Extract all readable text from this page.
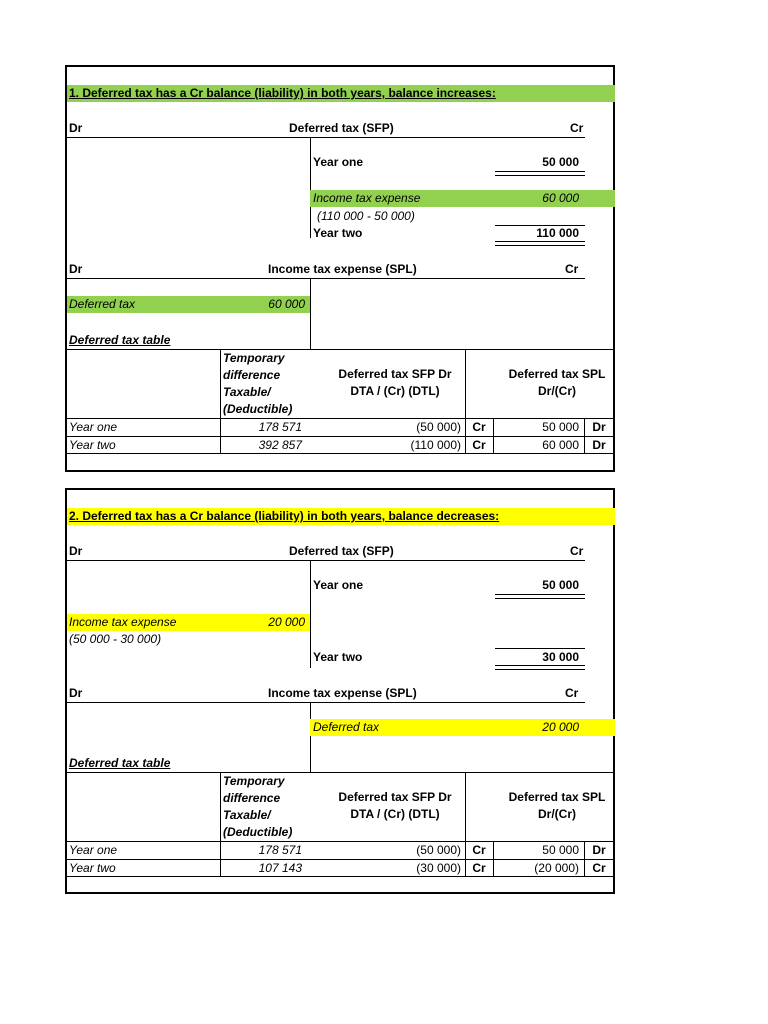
1. Deferred tax has a Cr balance (liability) in both years, balance increases:
Dr	Deferred tax (SFP)	Cr
Year one	50 000
Income tax expense	60 000
(110 000 - 50 000)
Year two	110 000
Dr	Income tax expense (SPL)	Cr
Deferred tax	60 000
Deferred tax table
Temporary difference Taxable/ (Deductible)
Deferred tax SFP Dr DTA / (Cr) (DTL)
Deferred tax SPL Dr/(Cr)
Year one	178 571	(50 000) Cr	50 000	Dr
Year two	392 857	(110 000) Cr	60 000	Dr
2. Deferred tax has a Cr balance (liability) in both years, balance decreases:
Dr	Deferred tax (SFP)	Cr
Year one	50 000
Income tax expense	20 000
(50 000 - 30 000)
Year two	30 000
Dr	Income tax expense (SPL)	Cr
Deferred tax	20 000
Deferred tax table
Temporary difference Taxable/ (Deductible)
Deferred tax SFP Dr DTA / (Cr) (DTL)
Deferred tax SPL Dr/(Cr)
Year one	178 571	(50 000) Cr	50 000	Dr
Year two	107 143	(30 000) Cr	(20 000)	Cr
